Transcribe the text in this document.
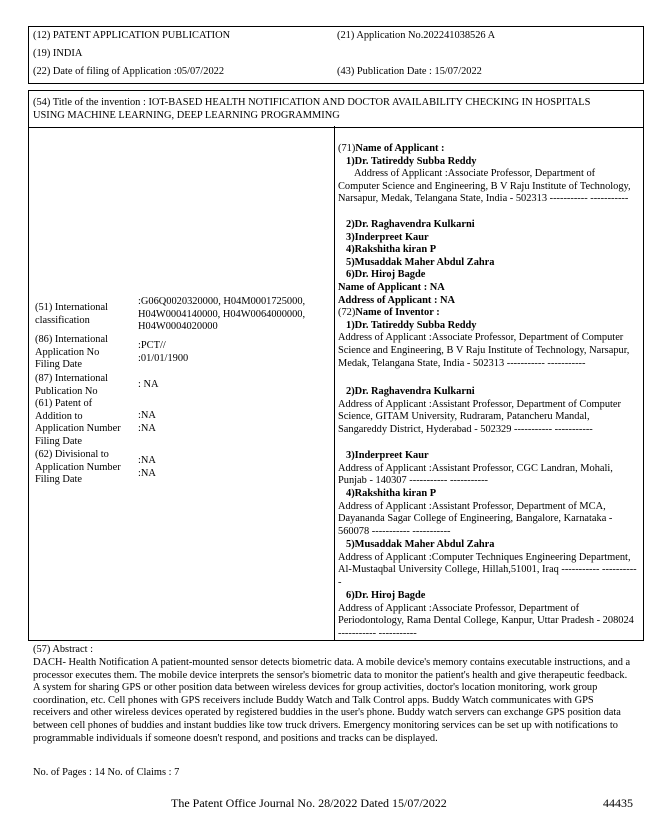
(12) PATENT APPLICATION PUBLICATION
(19) INDIA
(22) Date of filing of Application :05/07/2022
(21) Application No.202241038526 A
(43) Publication Date : 15/07/2022
(54) Title of the invention : IOT-BASED HEALTH NOTIFICATION AND DOCTOR AVAILABILITY CHECKING IN HOSPITALS USING MACHINE LEARNING, DEEP LEARNING PROGRAMMING
(51) International classification
:G06Q0020320000, H04M0001725000, H04W0004140000, H04W0064000000, H04W0004020000
(86) International Application No Filing Date
:PCT// :01/01/1900
(87) International Publication No
: NA
(61) Patent of Addition to Application Number Filing Date
:NA :NA
(62) Divisional to Application Number Filing Date
:NA :NA
(71)Name of Applicant :
1)Dr. Tatireddy Subba Reddy
Address of Applicant :Associate Professor, Department of Computer Science and Engineering, B V Raju Institute of Technology, Narsapur, Medak, Telangana State, India - 502313 ----------- -----------
2)Dr. Raghavendra Kulkarni
3)Inderpreet Kaur
4)Rakshitha kiran P
5)Musaddak Maher Abdul Zahra
6)Dr. Hiroj Bagde
Name of Applicant : NA
Address of Applicant : NA
(72)Name of Inventor :
1)Dr. Tatireddy Subba Reddy
Address of Applicant :Associate Professor, Department of Computer Science and Engineering, B V Raju Institute of Technology, Narsapur, Medak, Telangana State, India - 502313 ----------- -----------
2)Dr. Raghavendra Kulkarni
Address of Applicant :Assistant Professor, Department of Computer Science, GITAM University, Rudraram, Patancheru Mandal, Sangareddy District, Hyderabad - 502329 ----------- -----------
3)Inderpreet Kaur
Address of Applicant :Assistant Professor, CGC Landran, Mohali, Punjab - 140307 ----------- -----------
4)Rakshitha kiran P
Address of Applicant :Assistant Professor, Department of MCA, Dayananda Sagar College of Engineering, Bangalore, Karnataka - 560078 ----------- -----------
5)Musaddak Maher Abdul Zahra
Address of Applicant :Computer Techniques Engineering Department, Al-Mustaqbal University College, Hillah,51001, Iraq ----------- -----------
6)Dr. Hiroj Bagde
Address of Applicant :Associate Professor, Department of Periodontology, Rama Dental College, Kanpur, Uttar Pradesh - 208024 ----------- -----------
(57) Abstract :
DACH- Health Notification A patient-mounted sensor detects biometric data. A mobile device's memory contains executable instructions, and a processor executes them. The mobile device interprets the sensor's biometric data to monitor the patient's health and give therapeutic feedback. A system for sharing GPS or other position data between wireless devices for group activities, doctor's location monitoring, work group coordination, etc. Cell phones with GPS receivers include Buddy Watch and Talk Control apps. Buddy Watch communicates with GPS receivers and other wireless devices operated by registered buddies in the user's phone. Buddy watch servers can exchange GPS position data between cell phones of buddies and instant buddies like tow truck drivers. Emergency monitoring services can be set up with notifications to programmable individuals if someone doesn't respond, and positions and tracks can be displayed.
No. of Pages : 14 No. of Claims : 7
The Patent Office Journal No. 28/2022 Dated 15/07/2022	44435
